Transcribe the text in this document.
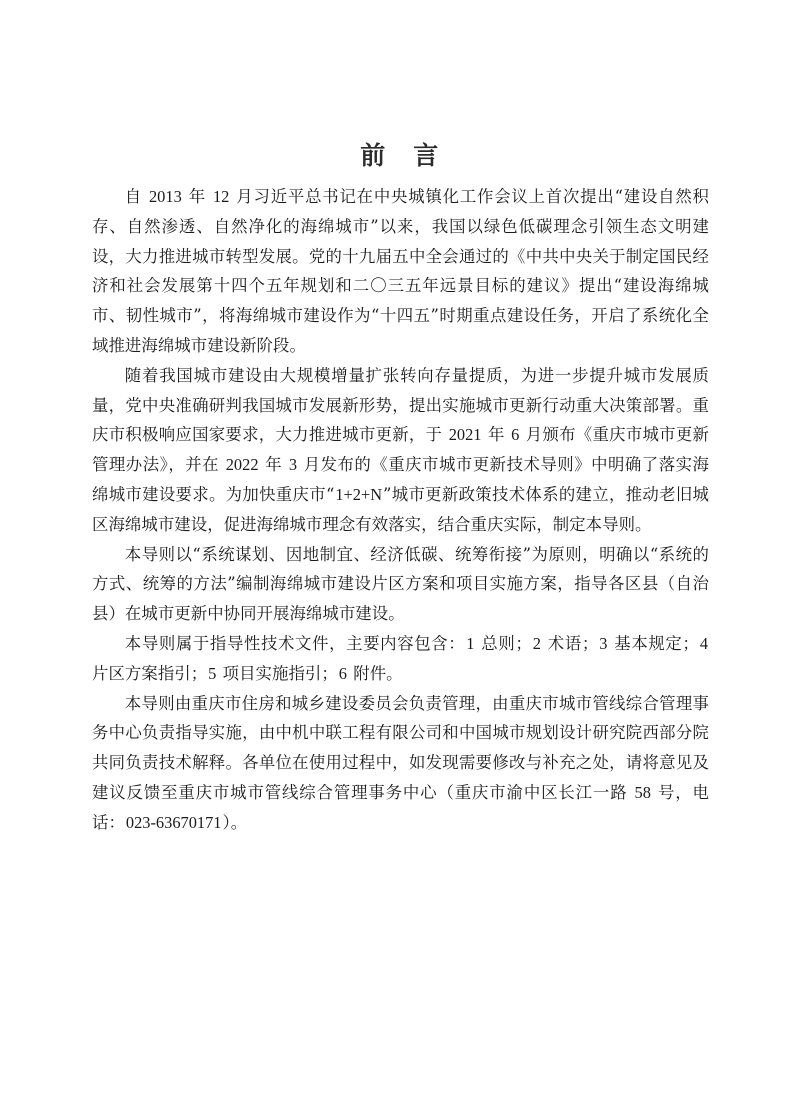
前　言

自 2013 年 12 月习近平总书记在中央城镇化工作会议上首次提出“建设自然积存、自然渗透、自然净化的海绵城市”以来，我国以绿色低碳理念引领生态文明建设，大力推进城市转型发展。党的十九届五中全会通过的《中共中央关于制定国民经济和社会发展第十四个五年规划和二〇三五年远景目标的建议》提出“建设海绵城市、韧性城市”，将海绵城市建设作为“十四五”时期重点建设任务，开启了系统化全域推进海绵城市建设新阶段。

随着我国城市建设由大规模增量扩张转向存量提质，为进一步提升城市发展质量，党中央准确研判我国城市发展新形势，提出实施城市更新行动重大决策部署。重庆市积极响应国家要求，大力推进城市更新，于 2021 年 6 月颁布《重庆市城市更新管理办法》，并在 2022 年 3 月发布的《重庆市城市更新技术导则》中明确了落实海绵城市建设要求。为加快重庆市“1+2+N”城市更新政策技术体系的建立，推动老旧城区海绵城市建设，促进海绵城市理念有效落实，结合重庆实际，制定本导则。

本导则以“系统谋划、因地制宜、经济低碳、统筹衔接”为原则，明确以“系统的方式、统筹的方法”编制海绵城市建设片区方案和项目实施方案，指导各区县（自治县）在城市更新中协同开展海绵城市建设。

本导则属于指导性技术文件，主要内容包含：1 总则；2 术语；3 基本规定；4 片区方案指引；5 项目实施指引；6 附件。

本导则由重庆市住房和城乡建设委员会负责管理，由重庆市城市管线综合管理事务中心负责指导实施，由中机中联工程有限公司和中国城市规划设计研究院西部分院共同负责技术解释。各单位在使用过程中，如发现需要修改与补充之处，请将意见及建议反馈至重庆市城市管线综合管理事务中心（重庆市渝中区长江一路 58 号，电话：023-63670171）。
